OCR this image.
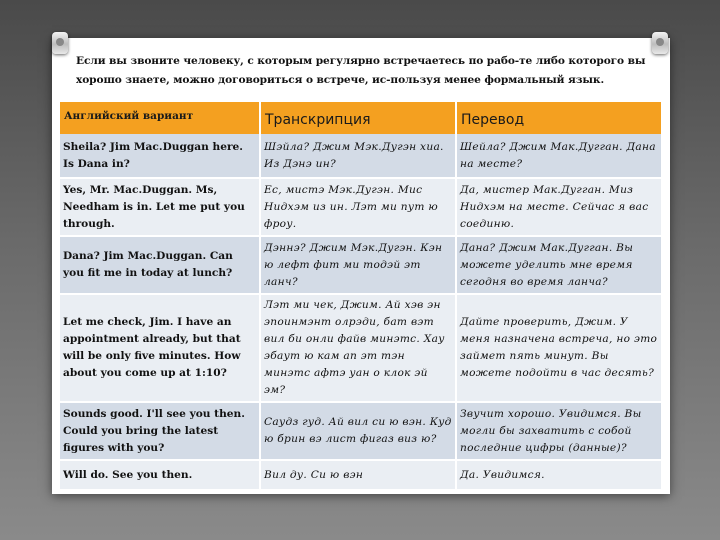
Если вы звоните человеку, с которым регулярно встречаетесь по рабо-те либо которого вы хорошо знаете, можно договориться о встрече, ис-пользуя менее формальный язык.
Английский вариант	Транскрипция	Перевод
Sheila? Jim Mac.Duggan here. Is Dana in?	Шэйла? Джим Мэк.Дугэн хиа. Из Дэнэ ин?	Шейла? Джим Мак.Дугган. Дана на месте?
Yes, Mr. Mac.Duggan. Ms, Needham is in. Let me put you through.	Ес, мистэ Мэк.Дугэн. Мис Нидхэм из ин. Лэт ми пут ю фроу.	Да, мистер Мак.Дугган. Миз Нидхэм на месте. Сейчас я вас соединю.
Dana? Jim Mac.Duggan. Can you fit me in today at lunch?	Дэннэ? Джим Мэк.Дугэн. Кэн ю лефт фит ми тодэй эт ланч?	Дана? Джим Мак.Дугган. Вы можете уделить мне время сегодня во время ланча?
Let me check, Jim. I have an appointment already, but that will be only five minutes. How about you come up at 1:10?	Лэт ми чек, Джим. Ай хэв эн эпоинмэнт олрэди, бат вэт вил би онли файв минэтс. Хау эбаут ю кам ап эт тэн минэтс афтэ уан о клок эй эм?	Дайте проверить, Джим. У меня назначена встреча, но это займет пять минут. Вы можете подойти в час десять?
Sounds good. I'll see you then. Could you bring the latest figures with you?	Саудз гуд. Ай вил си ю вэн. Куд ю брин вэ лист фигаз виз ю?	Звучит хорошо. Увидимся. Вы могли бы захватить с собой последние цифры (данные)?
Will do. See you then.	Вил ду. Си ю вэн	Да. Увидимся.
